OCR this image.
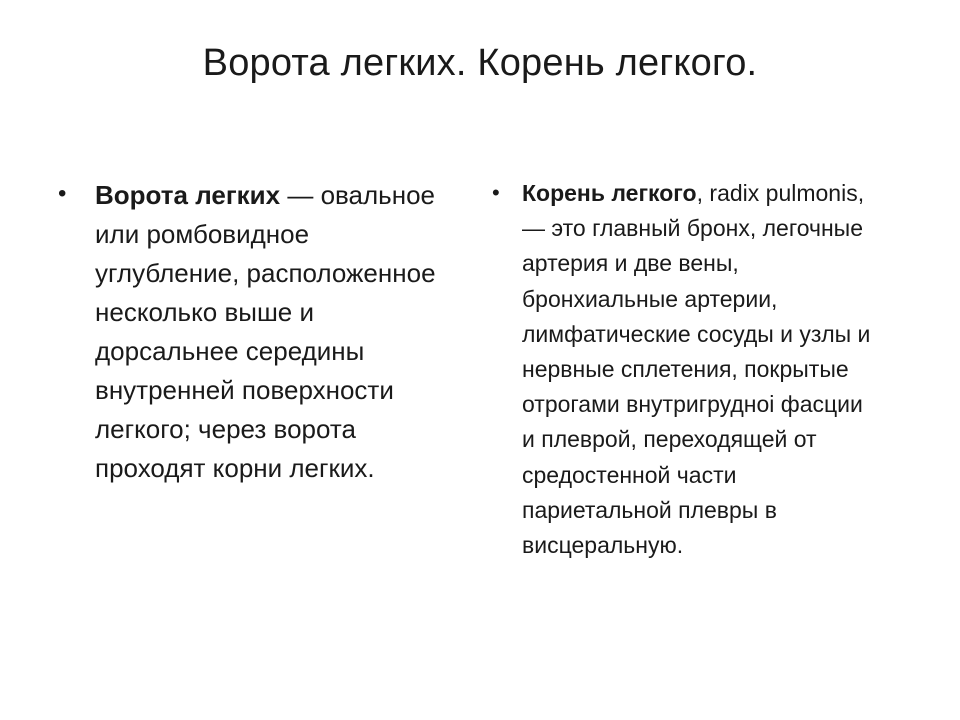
Ворота легких. Корень легкого.
• Ворота легких — овальное или ромбовидное углубление, расположенное несколько выше и дорсальнее середины внутренней поверхности легкого; через ворота проходят корни легких.

• Корень легкого, radix pulmonis, — это главный бронх, легочные артерия и две вены, бронхиальные артерии, лимфатические сосуды и узлы и нервные сплетения, покрытые отрогами внутригрудноi фасции и плеврой, переходящей от средостенной части париетальной плевры в висцеральную.
